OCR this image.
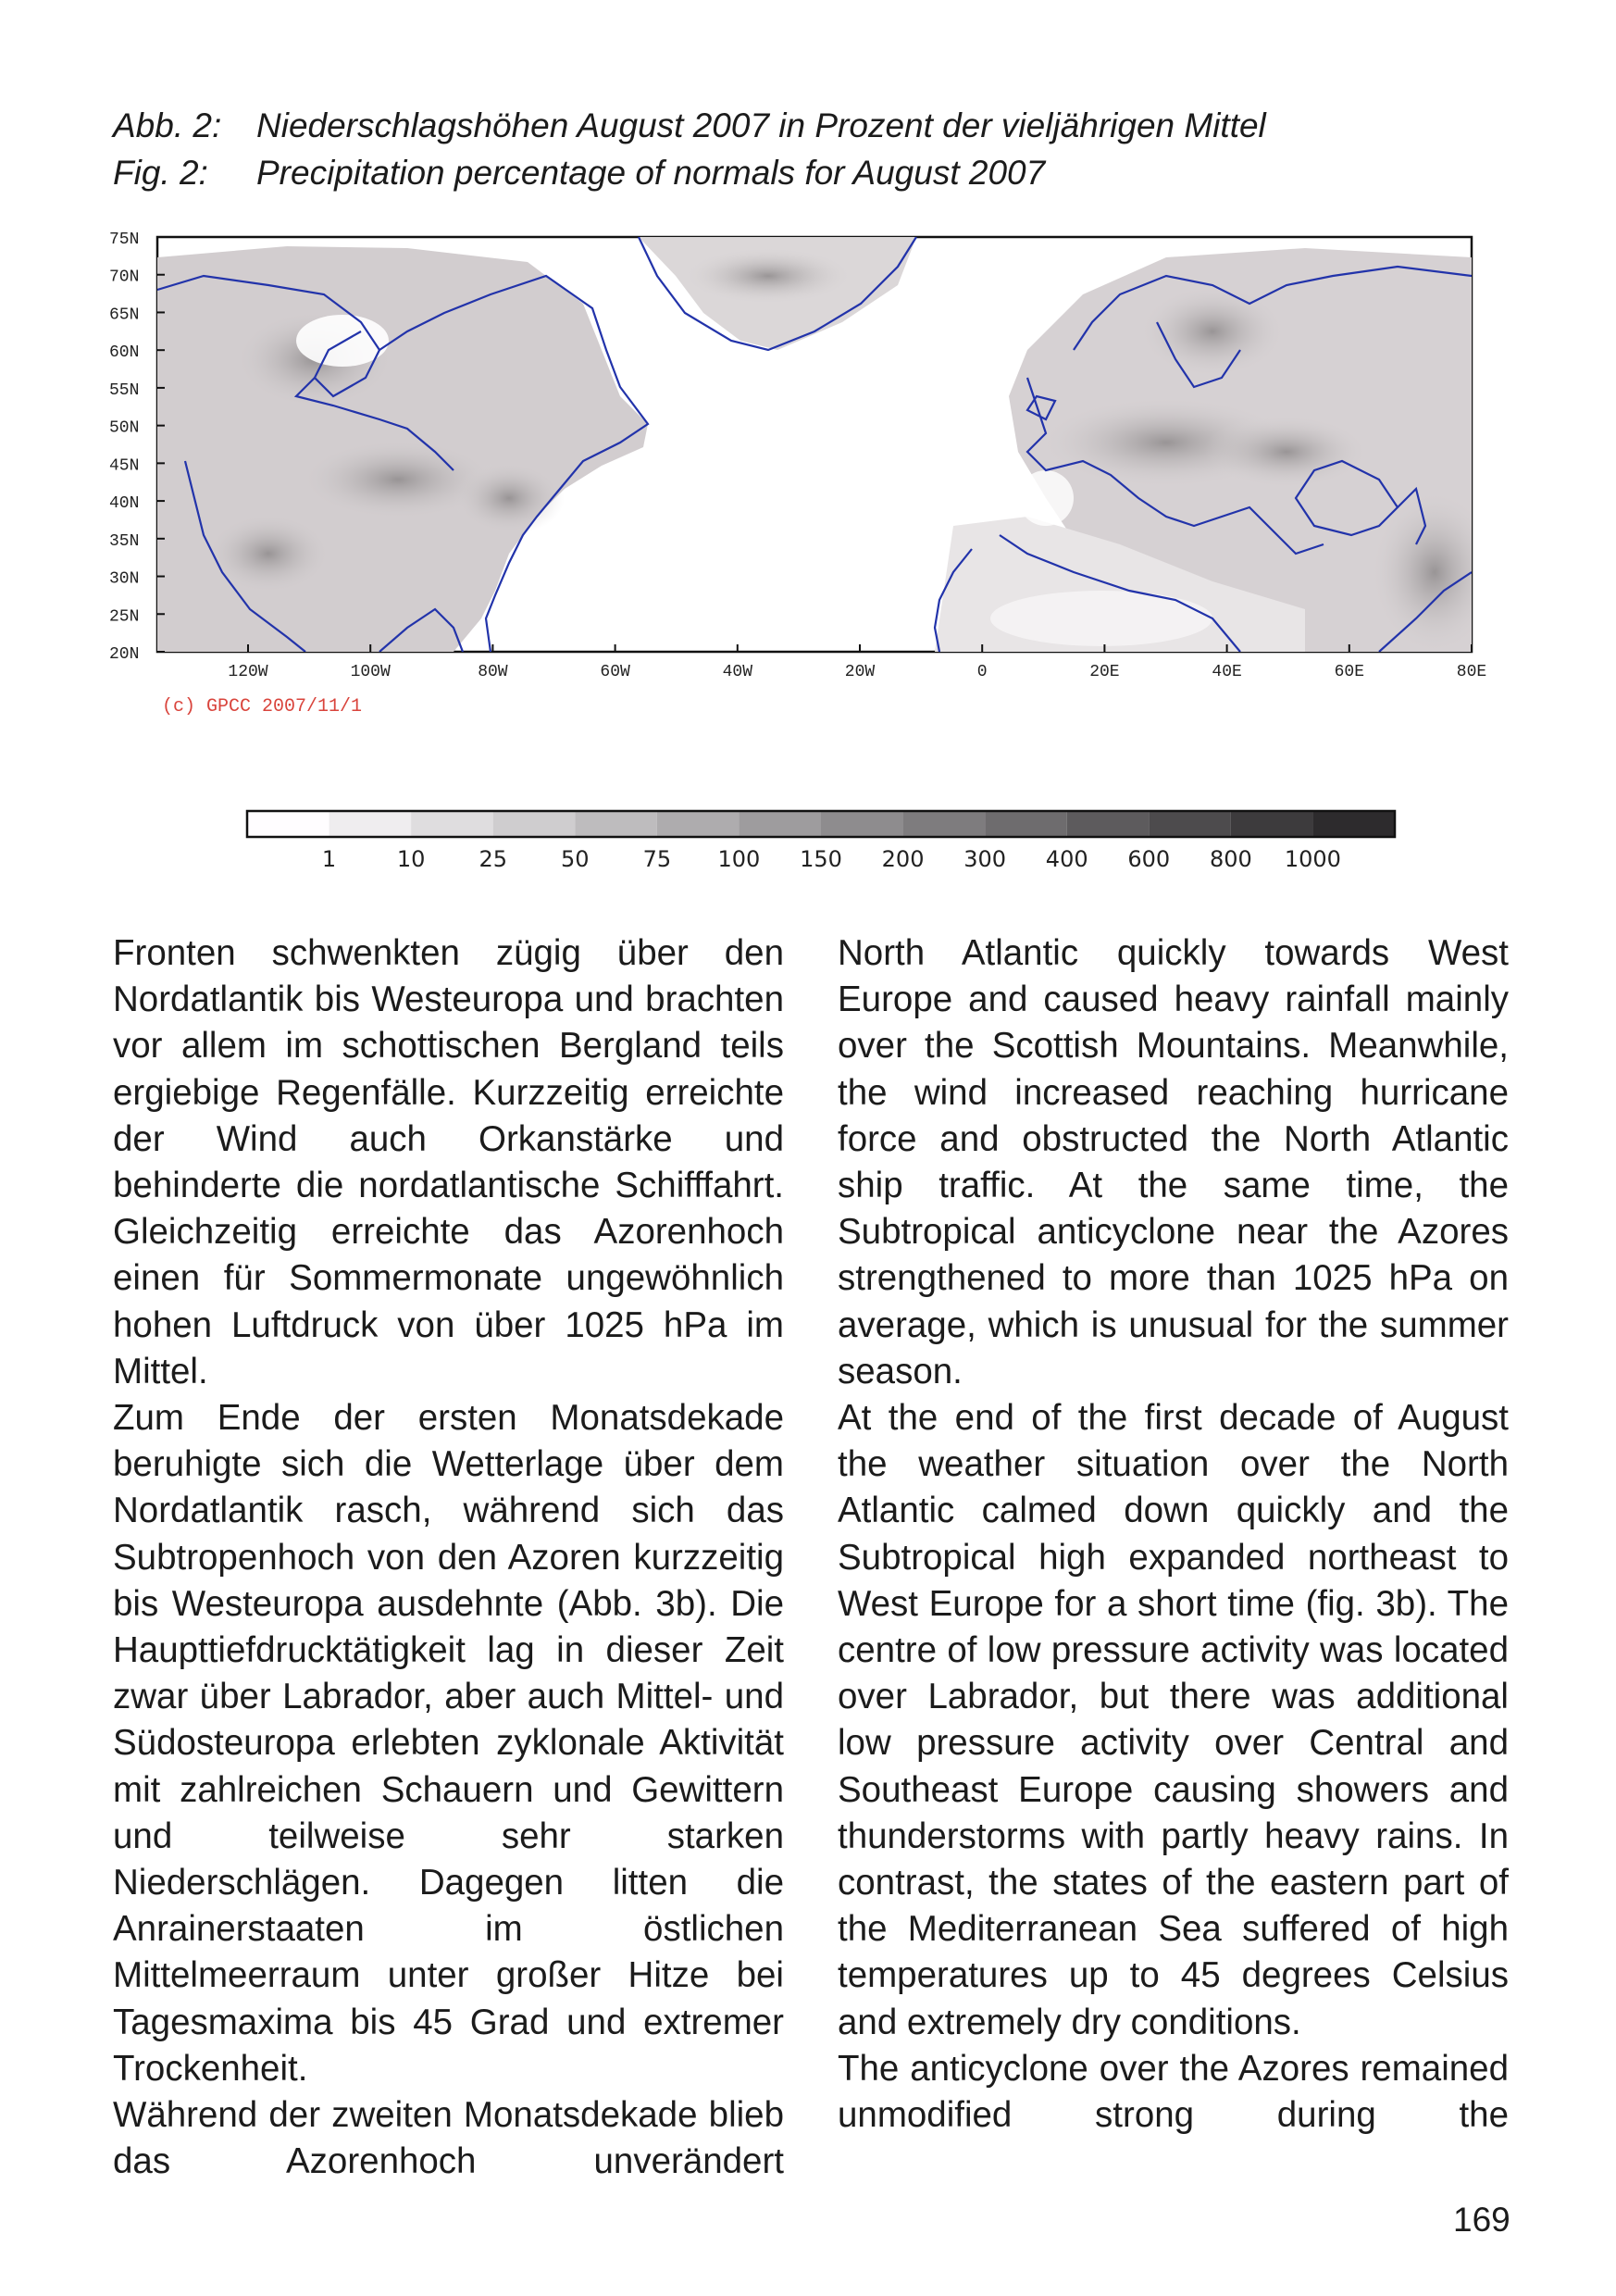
Abb. 2: Niederschlagshöhen August 2007 in Prozent der vieljährigen Mittel
Fig. 2: Precipitation percentage of normals for August 2007
75N
70N
65N
60N
55N
50N
45N
40N
35N
30N
25N
20N
120W	100W	80W	60W	40W	20W	0	20E	40E	60E	80E
(c) GPCC 2007/11/1
1	10 25 50 75 100 150 200 300 400 600 800 1000

Fronten schwenkten zügig über den Nordatlantik bis Westeuropa und brachten vor allem im schottischen Bergland teils ergiebige Regenfälle. Kurzzeitig erreichte der Wind auch Orkanstärke und behinderte die nordatlantische Schifffahrt. Gleichzeitig erreichte das Azorenhoch einen für Sommermonate ungewöhnlich hohen Luftdruck von über 1025 hPa im Mittel.

Zum Ende der ersten Monatsdekade beruhigte sich die Wetterlage über dem Nordatlantik rasch, während sich das Subtropenhoch von den Azoren kurzzeitig bis Westeuropa ausdehnte (Abb. 3b). Die Haupttiefdrucktätigkeit lag in dieser Zeit zwar über Labrador, aber auch Mittel- und Südosteuropa erlebten zyklonale Aktivität mit zahlreichen Schauern und Gewittern und teilweise sehr starken Niederschlägen. Dagegen litten die Anrainerstaaten im östlichen Mittelmeerraum unter großer Hitze bei Tagesmaxima bis 45 Grad und extremer Trockenheit.

Während der zweiten Monatsdekade blieb das Azorenhoch unverändert

North Atlantic quickly towards West Europe and caused heavy rainfall mainly over the Scottish Mountains. Meanwhile, the wind increased reaching hurricane force and obstructed the North Atlantic ship traffic. At the same time, the Subtropical anticyclone near the Azores strengthened to more than 1025 hPa on average, which is unusual for the summer season.

At the end of the first decade of August the weather situation over the North Atlantic calmed down quickly and the Subtropical high expanded northeast to West Europe for a short time (fig. 3b). The centre of low pressure activity was located over Labrador, but there was additional low pressure activity over Central and Southeast Europe causing showers and thunderstorms with partly heavy rains. In contrast, the states of the eastern part of the Mediterranean Sea suffered of high temperatures up to 45 degrees Celsius and extremely dry conditions.

The anticyclone over the Azores remained unmodified strong during the

169
